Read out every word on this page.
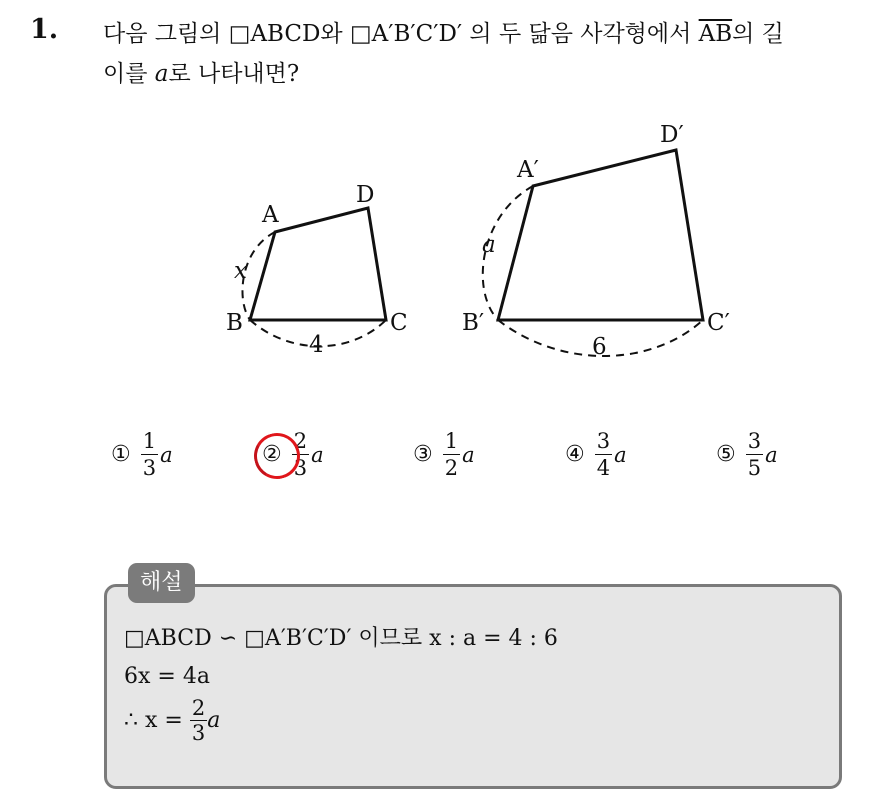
1. 다음 그림의 □ABCD와 □A′B′C′D′ 의 두 닮음 사각형에서 $\overline{AB}$의 길
이를 a로 나타내면?
A
D
B	C
x
4
A′
D′
B′	C′
a
6
① $\frac{1}{3}$ a	② $\frac{2}{3}$ a	③ $\frac{1}{2}$ a	④ $\frac{3}{4}$ a	⑤ $\frac{3}{5}$ a
해설
□ABCD ∽ □A′B′C′D′ 이므로 x : a = 4 : 6
6x = 4a
∴ $x = \frac{2}{3}$ a
